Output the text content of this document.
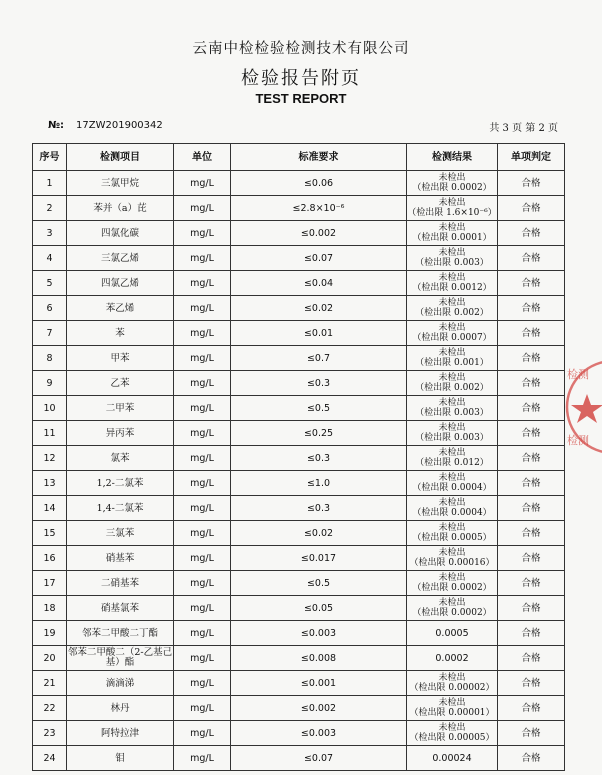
云南中检检验检测技术有限公司
检验报告附页
TEST REPORT
№: 17ZW201900342	共 3 页 第 2 页
序号	检测项目	单位	标准要求	检测结果	单项判定
1	三氯甲烷	mg/L	≤0.06	未检出
（检出限 0.0002）	合格
2	苯并（a）芘	mg/L	≤2.8×10⁻⁶	未检出
（检出限 1.6×10⁻⁶）	合格
3	四氯化碳	mg/L	≤0.002	未检出
（检出限 0.0001）	合格
4	三氯乙烯	mg/L	≤0.07	未检出
（检出限 0.003）	合格
5	四氯乙烯	mg/L	≤0.04	未检出
（检出限 0.0012）	合格
6	苯乙烯	mg/L	≤0.02	未检出
（检出限 0.002）	合格
7	苯	mg/L	≤0.01	未检出
（检出限 0.0007）	合格
8	甲苯	mg/L	≤0.7	未检出
（检出限 0.001）	合格
9	乙苯	mg/L	≤0.3	未检出
（检出限 0.002）	合格
10	二甲苯	mg/L	≤0.5	未检出
（检出限 0.003）	合格
11	异丙苯	mg/L	≤0.25	未检出
（检出限 0.003）	合格
12	氯苯	mg/L	≤0.3	未检出
（检出限 0.012）	合格
13	1,2-二氯苯	mg/L	≤1.0	未检出
（检出限 0.0004）	合格
14	1,4-二氯苯	mg/L	≤0.3	未检出
（检出限 0.0004）	合格
15	三氯苯	mg/L	≤0.02	未检出
（检出限 0.0005）	合格
16	硝基苯	mg/L	≤0.017	未检出
（检出限 0.00016）	合格
17	二硝基苯	mg/L	≤0.5	未检出
（检出限 0.0002）	合格
18	硝基氯苯	mg/L	≤0.05	未检出
（检出限 0.0002）	合格
19	邻苯二甲酸二丁酯	mg/L	≤0.003	0.0005	合格
20	邻苯二甲酸二（2-乙基己基）酯	mg/L	≤0.008	0.0002	合格
21	滴滴涕	mg/L	≤0.001	未检出
（检出限 0.00002）	合格
22	林丹	mg/L	≤0.002	未检出
（检出限 0.00001）	合格
23	阿特拉津	mg/L	≤0.003	未检出
（检出限 0.00005）	合格
24	钼	mg/L	≤0.07	0.00024	合格
检测
检测
